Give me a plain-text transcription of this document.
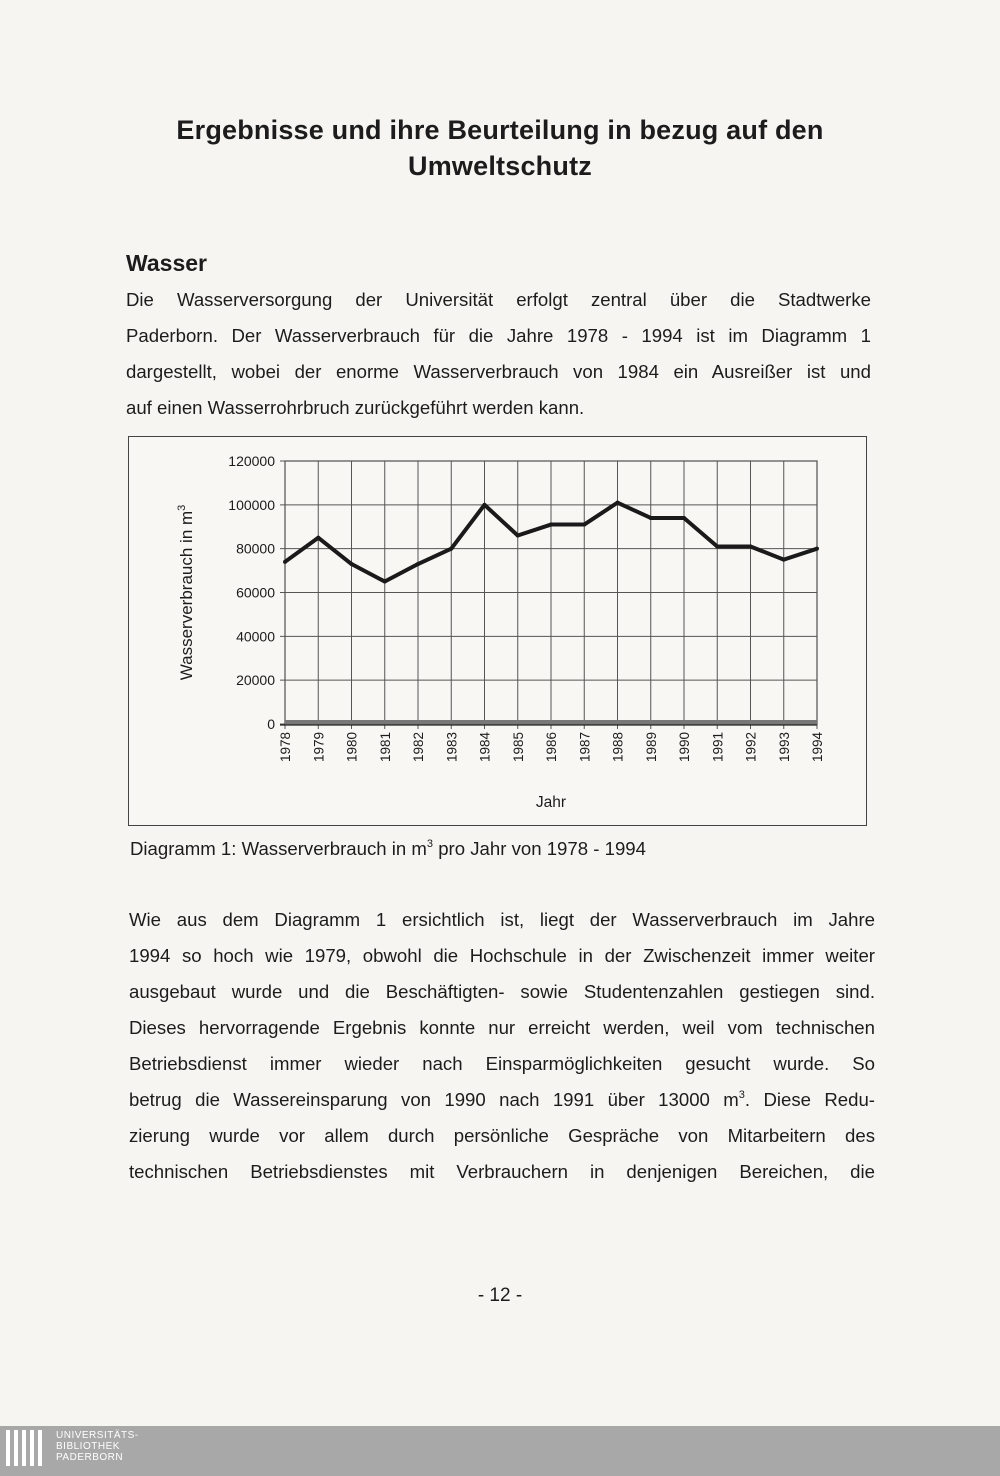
Ergebnisse und ihre Beurteilung in bezug auf den
Umweltschutz
Wasser
Die Wasserversorgung der Universität erfolgt zentral über die Stadtwerke
Paderborn. Der Wasserverbrauch für die Jahre 1978 - 1994 ist im Diagramm 1
dargestellt, wobei der enorme Wasserverbrauch von 1984 ein Ausreißer ist und
auf einen Wasserrohrbruch zurückgeführt werden kann.
0
20000
40000
60000
80000
100000
120000
1978 1979 1980 1981 1982 1983 1984 1985 1986 1987 1988 1989 1990 1991 1992 1993 1994
Jahr
Wasserverbrauch in $m^3$
Diagramm 1: Wasserverbrauch in $m^3$ pro Jahr von 1978 - 1994
Wie aus dem Diagramm 1 ersichtlich ist, liegt der Wasserverbrauch im Jahre
1994 so hoch wie 1979, obwohl die Hochschule in der Zwischenzeit immer weiter
ausgebaut wurde und die Beschäftigten- sowie Studentenzahlen gestiegen sind.
Dieses hervorragende Ergebnis konnte nur erreicht werden, weil vom technischen
Betriebsdienst immer wieder nach Einsparmöglichkeiten gesucht wurde. So
betrug die Wassereinsparung von 1990 nach 1991 über 13000 $m^3$. Diese Redu-
zierung wurde vor allem durch persönliche Gespräche von Mitarbeitern des
technischen Betriebsdienstes mit Verbrauchern in denjenigen Bereichen, die
- 12 -
UNIVERSITÄTS-
BIBLIOTHEK
PADERBORN
